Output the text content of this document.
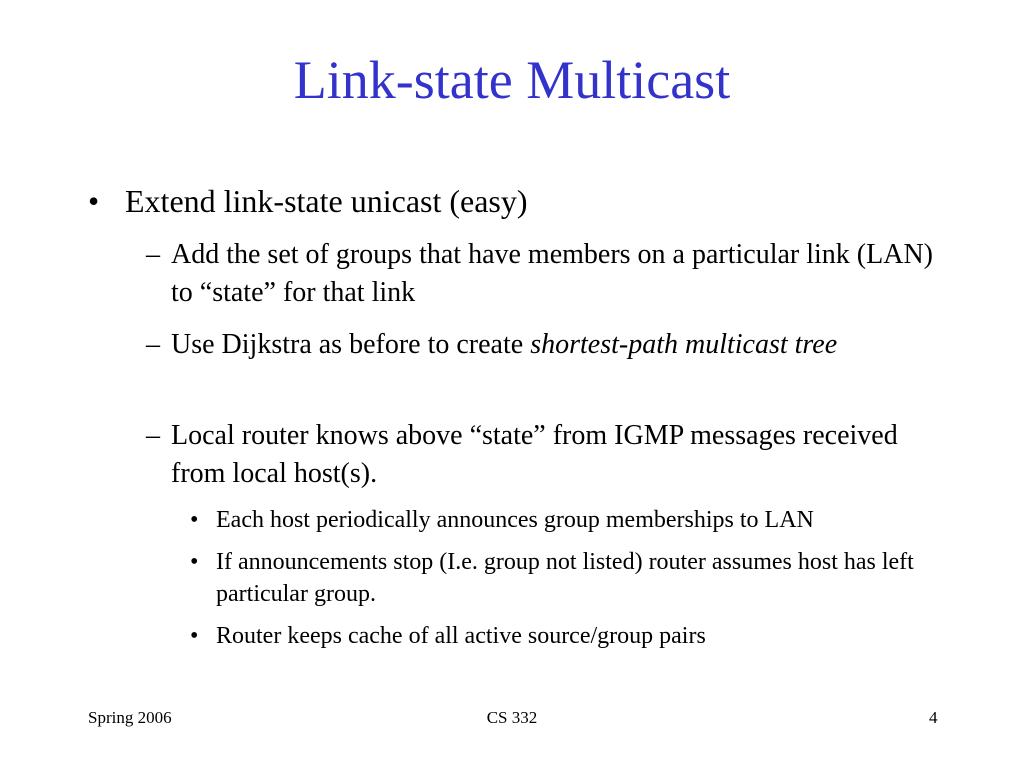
Link-state Multicast
• Extend link-state unicast (easy)
– Add the set of groups that have members on a particular link (LAN) to “state” for that link
– Use Dijkstra as before to create shortest-path multicast tree
– Local router knows above “state” from IGMP messages received from local host(s).
• Each host periodically announces group memberships to LAN
• If announcements stop (I.e. group not listed) router assumes host has left particular group.
• Router keeps cache of all active source/group pairs
Spring 2006	CS 332	4
